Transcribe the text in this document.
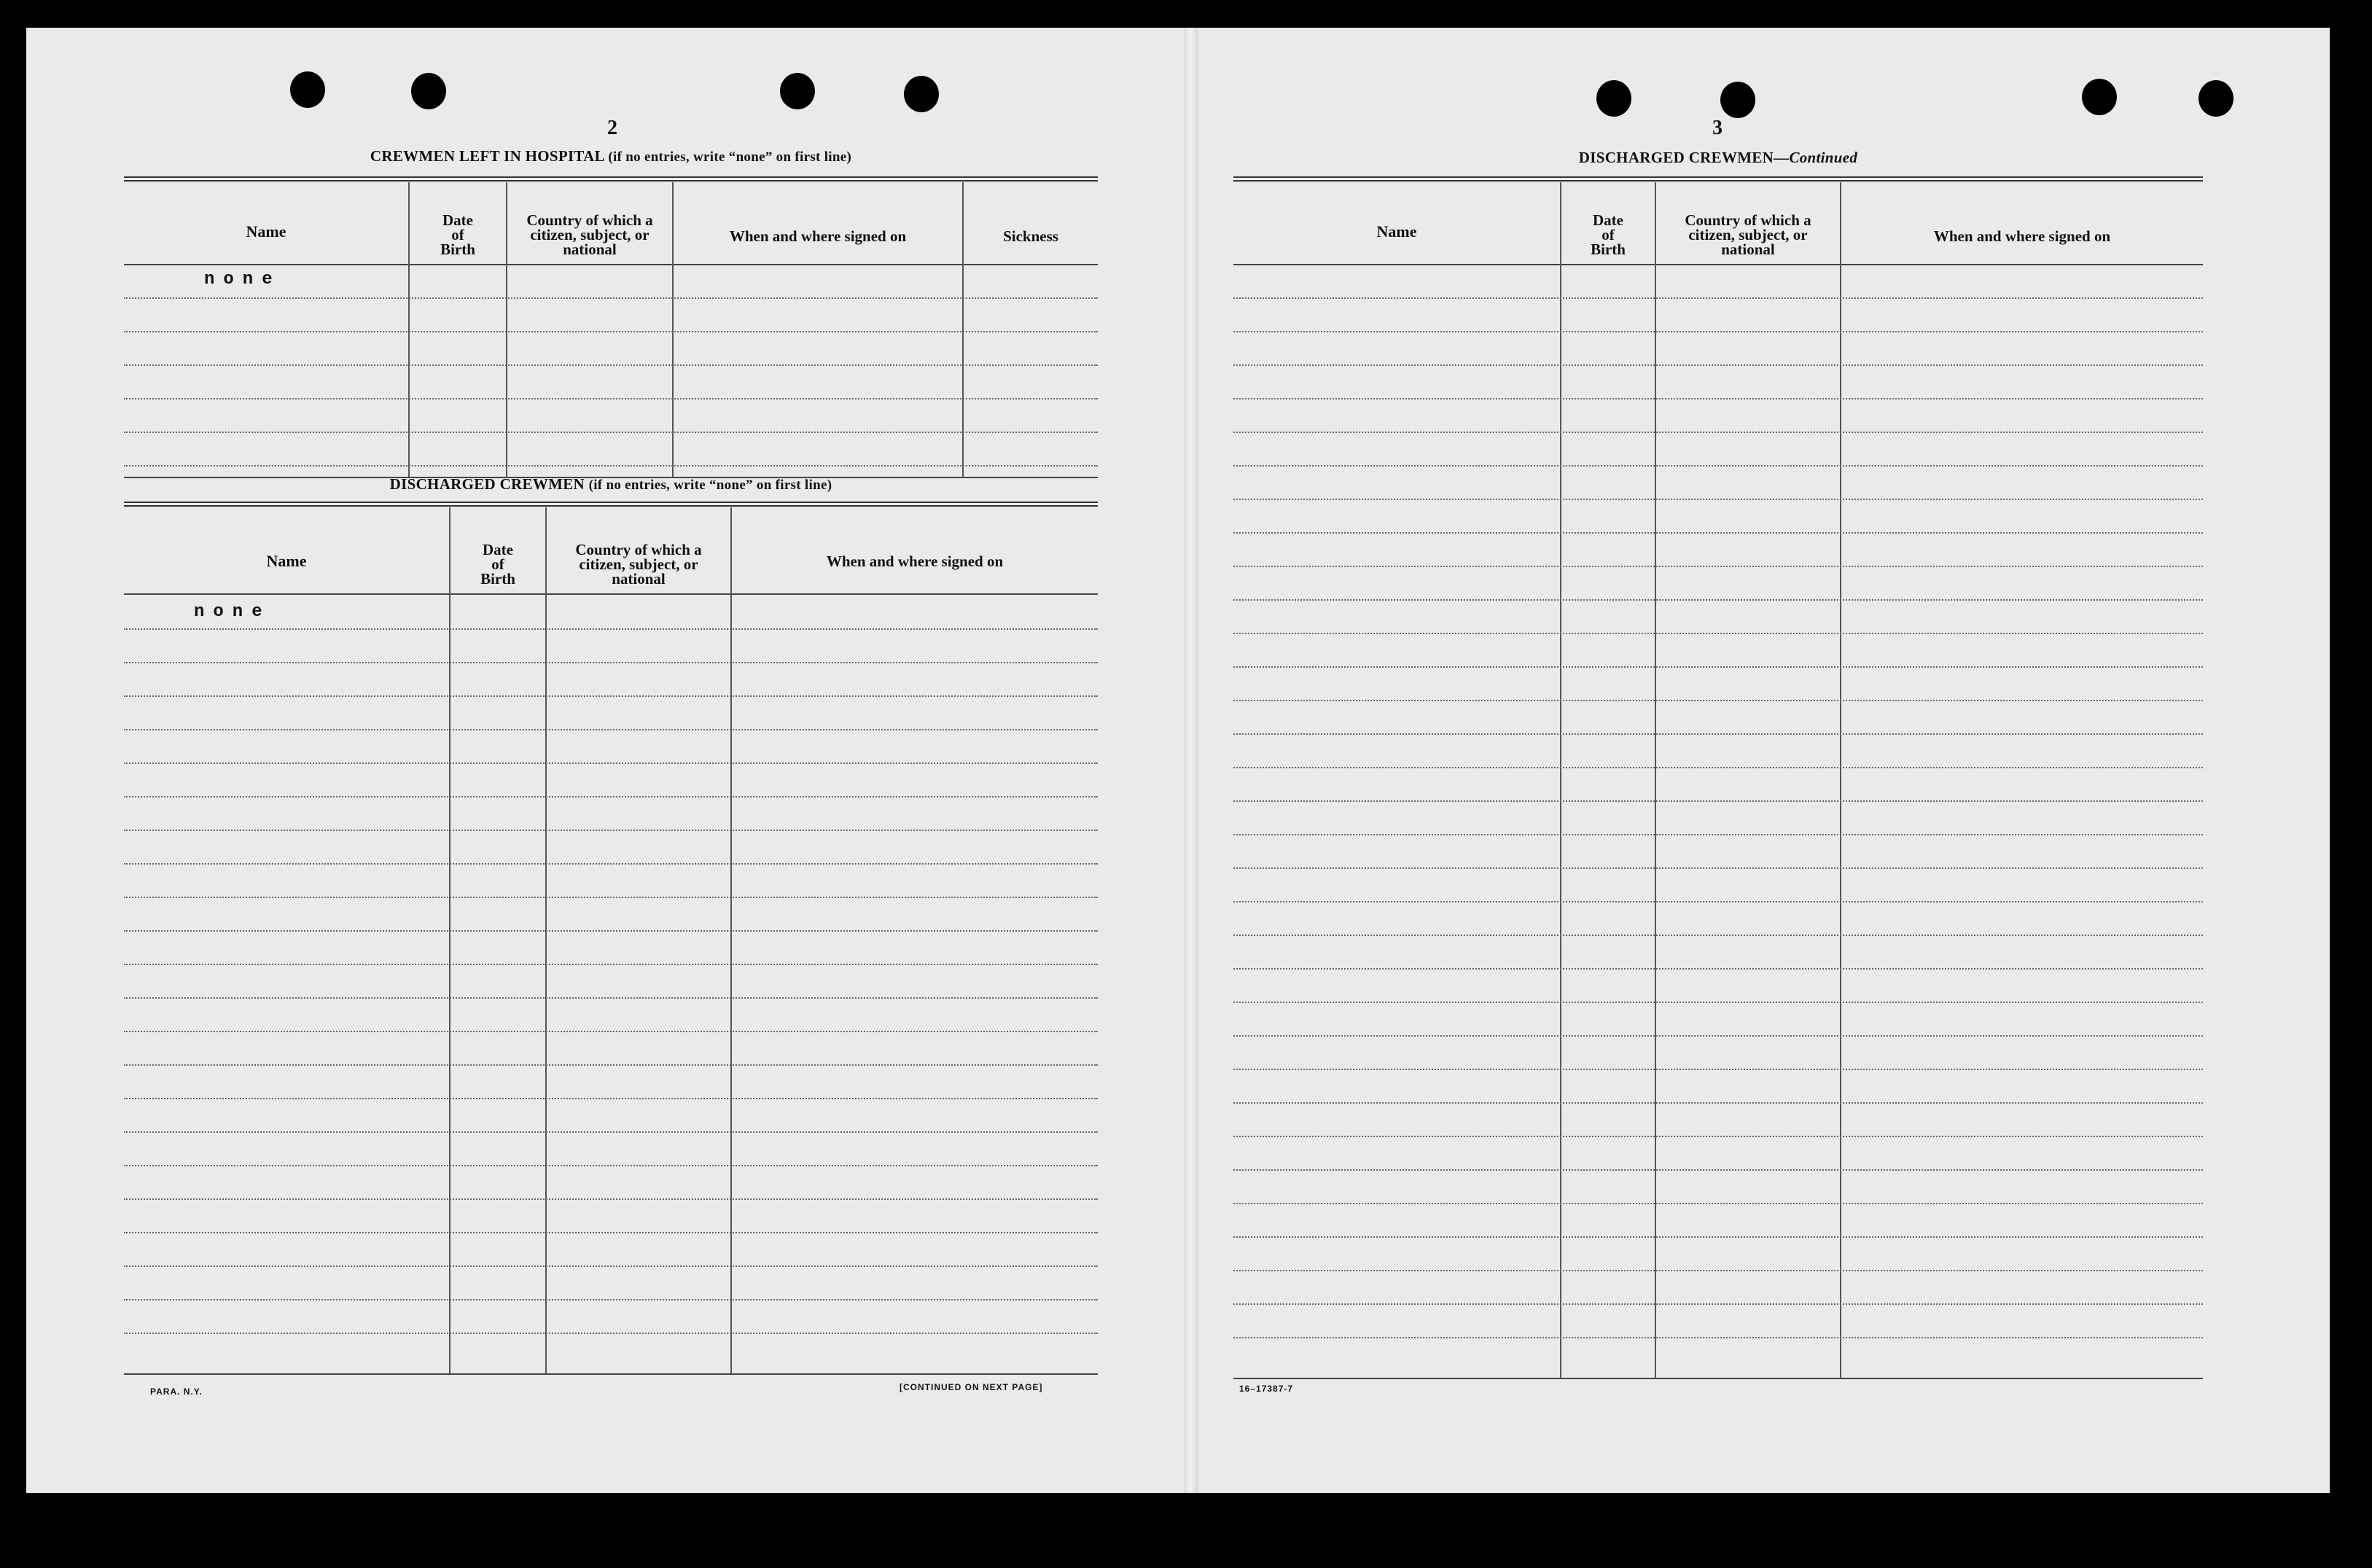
2
CREWMEN LEFT IN HOSPITAL (if no entries, write “none” on first line)
Name
Date
of
Birth
Country of which a
citizen, subject, or
national
When and where signed on	Sickness
none
DISCHARGED CREWMEN (if no entries, write “none” on first line)
Name
Date
of
Birth
Country of which a
citizen, subject, or
national
When and where signed on
none
PARA. N.Y.	[CONTINUED ON NEXT PAGE]
3
DISCHARGED CREWMEN—Continued
Name
Date
of
Birth
Country of which a
citizen, subject, or
national
When and where signed on
16–17387-7
